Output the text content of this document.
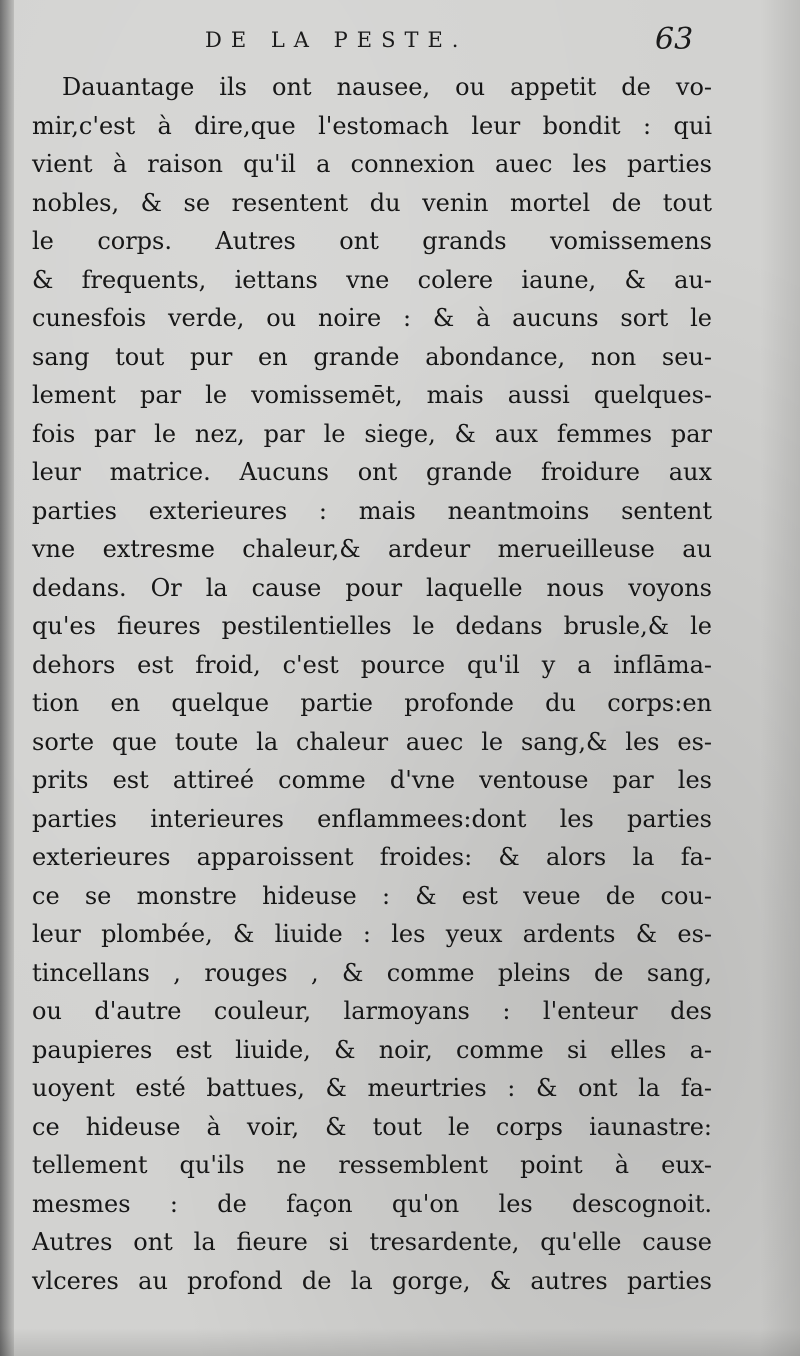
DE LA PESTE.	63
Dauantage ils ont nausee, ou appetit de vo-
mir,c'est à dire,que l'estomach leur bondit : qui
vient à raison qu'il a connexion auec les parties
nobles, & se resentent du venin mortel de tout
le corps. Autres ont grands vomissemens
& frequents, iettans vne colere iaune, & au-
cunesfois verde, ou noire : & à aucuns sort le
sang tout pur en grande abondance, non seu-
lement par le vomissemēt, mais aussi quelques-
fois par le nez, par le siege, & aux femmes par
leur matrice. Aucuns ont grande froidure aux
parties exterieures : mais neantmoins sentent
vne extresme chaleur,& ardeur merueilleuse au
dedans. Or la cause pour laquelle nous voyons
qu'es fieures pestilentielles le dedans brusle,& le
dehors est froid, c'est pource qu'il y a inflāma-
tion en quelque partie profonde du corps:en
sorte que toute la chaleur auec le sang,& les es-
prits est attireé comme d'vne ventouse par les
parties interieures enflammees:dont les parties
exterieures apparoissent froides: & alors la fa-
ce se monstre hideuse : & est veue de cou-
leur plombée, & liuide : les yeux ardents & es-
tincellans , rouges , & comme pleins de sang,
ou d'autre couleur, larmoyans : l'enteur des
paupieres est liuide, & noir, comme si elles a-
uoyent esté battues, & meurtries : & ont la fa-
ce hideuse à voir, & tout le corps iaunastre:
tellement qu'ils ne ressemblent point à eux-
mesmes : de façon qu'on les descognoit.
Autres ont la fieure si tresardente, qu'elle cause
vlceres au profond de la gorge, & autres parties
